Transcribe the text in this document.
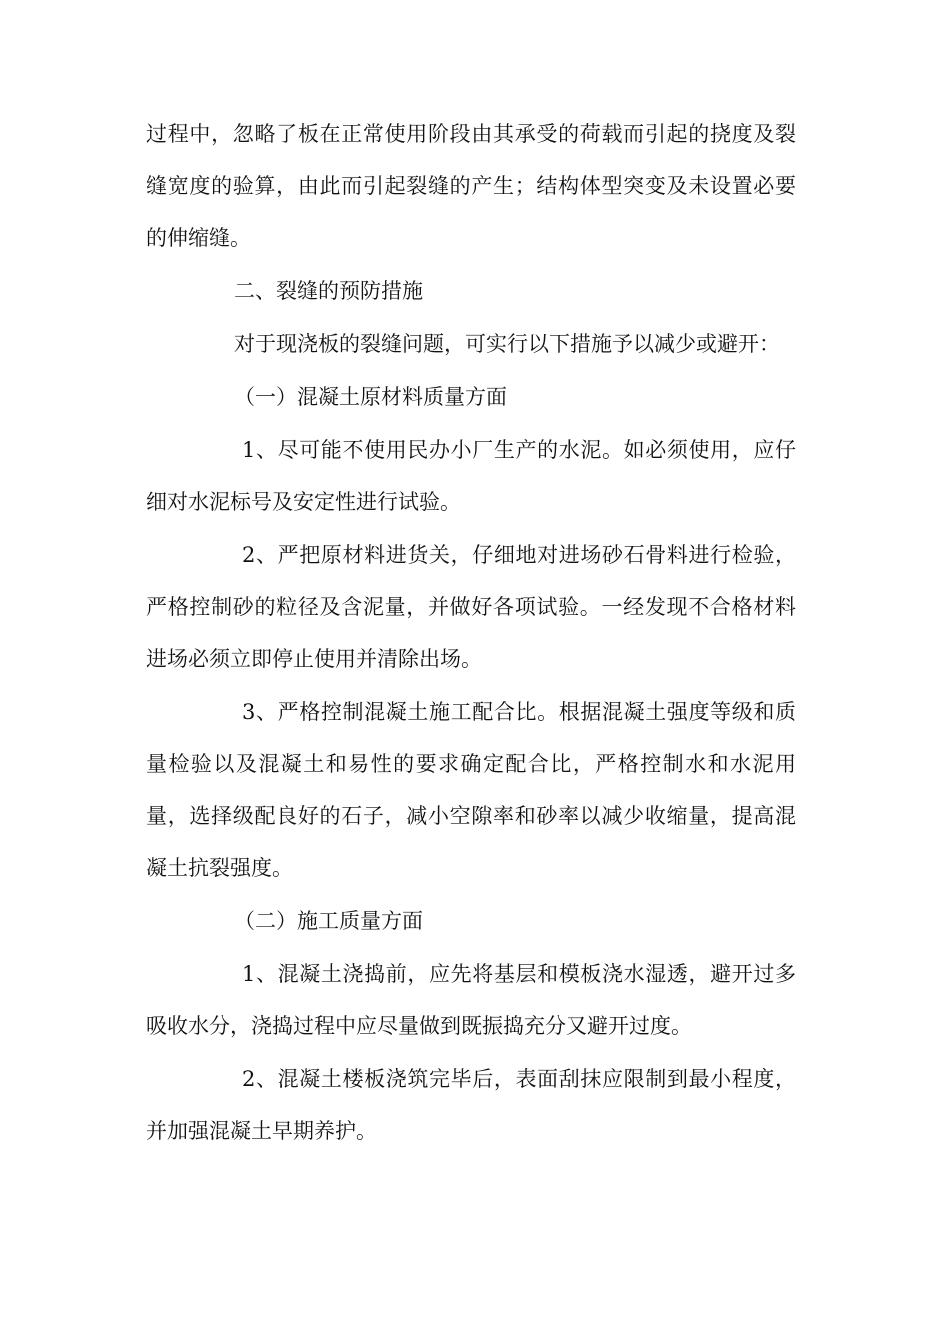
过程中，忽略了板在正常使用阶段由其承受的荷载而引起的挠度及裂缝宽度的验算，由此而引起裂缝的产生；结构体型突变及未设置必要的伸缩缝。

二、裂缝的预防措施

对于现浇板的裂缝问题，可实行以下措施予以减少或避开：

（一）混凝土原材料质量方面

1、尽可能不使用民办小厂生产的水泥。如必须使用，应仔细对水泥标号及安定性进行试验。

2、严把原材料进货关，仔细地对进场砂石骨料进行检验，严格控制砂的粒径及含泥量，并做好各项试验。一经发现不合格材料进场必须立即停止使用并清除出场。

3、严格控制混凝土施工配合比。根据混凝土强度等级和质量检验以及混凝土和易性的要求确定配合比，严格控制水和水泥用量，选择级配良好的石子，减小空隙率和砂率以减少收缩量，提高混凝土抗裂强度。

（二）施工质量方面

1、混凝土浇捣前，应先将基层和模板浇水湿透，避开过多吸收水分，浇捣过程中应尽量做到既振捣充分又避开过度。

2、混凝土楼板浇筑完毕后，表面刮抹应限制到最小程度，并加强混凝土早期养护。
